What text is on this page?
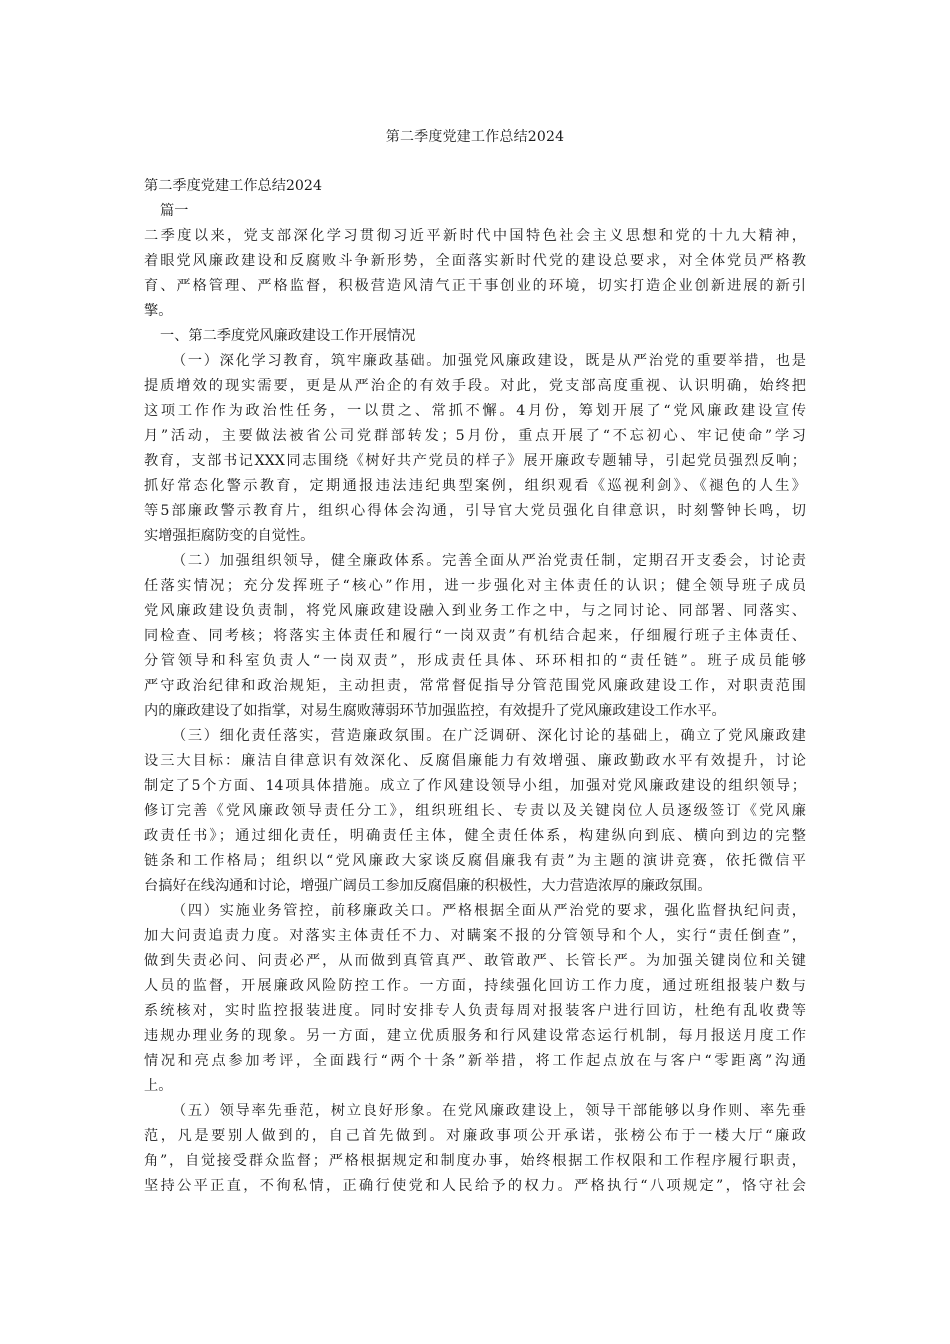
第二季度党建工作总结2024
第二季度党建工作总结2024
篇一
二季度以来，党支部深化学习贯彻习近平新时代中国特色社会主义思想和党的十九大精神，
着眼党风廉政建设和反腐败斗争新形势，全面落实新时代党的建设总要求，对全体党员严格教
育、严格管理、严格监督，积极营造风清气正干事创业的环境，切实打造企业创新进展的新引
擎。
一、第二季度党风廉政建设工作开展情况
（一）深化学习教育，筑牢廉政基础。加强党风廉政建设，既是从严治党的重要举措，也是
提质增效的现实需要，更是从严治企的有效手段。对此，党支部高度重视、认识明确，始终把
这项工作作为政治性任务，一以贯之、常抓不懈。4月份，筹划开展了“党风廉政建设宣传
月”活动，主要做法被省公司党群部转发；5月份，重点开展了“不忘初心、牢记使命”学习
教育，支部书记XXX同志围绕《树好共产党员的样子》展开廉政专题辅导，引起党员强烈反响；
抓好常态化警示教育，定期通报违法违纪典型案例，组织观看《巡视利剑》、《褪色的人生》
等5部廉政警示教育片，组织心得体会沟通，引导官大党员强化自律意识，时刻警钟长鸣，切
实增强拒腐防变的自觉性。
（二）加强组织领导，健全廉政体系。完善全面从严治党责任制，定期召开支委会，讨论责
任落实情况；充分发挥班子“核心”作用，进一步强化对主体责任的认识；健全领导班子成员
党风廉政建设负责制，将党风廉政建设融入到业务工作之中，与之同讨论、同部署、同落实、
同检查、同考核；将落实主体责任和履行“一岗双责”有机结合起来，仔细履行班子主体责任、
分管领导和科室负责人“一岗双责”，形成责任具体、环环相扣的“责任链”。班子成员能够
严守政治纪律和政治规矩，主动担责，常常督促指导分管范围党风廉政建设工作，对职责范围
内的廉政建设了如指掌，对易生腐败薄弱环节加强监控，有效提升了党风廉政建设工作水平。
（三）细化责任落实，营造廉政氛围。在广泛调研、深化讨论的基础上，确立了党风廉政建
设三大目标：廉洁自律意识有效深化、反腐倡廉能力有效增强、廉政勤政水平有效提升，讨论
制定了5个方面、14项具体措施。成立了作风建设领导小组，加强对党风廉政建设的组织领导；
修订完善《党风廉政领导责任分工》，组织班组长、专责以及关键岗位人员逐级签订《党风廉
政责任书》；通过细化责任，明确责任主体，健全责任体系，构建纵向到底、横向到边的完整
链条和工作格局；组织以“党风廉政大家谈反腐倡廉我有责”为主题的演讲竞赛，依托微信平
台搞好在线沟通和讨论，增强广阔员工参加反腐倡廉的积极性，大力营造浓厚的廉政氛围。
（四）实施业务管控，前移廉政关口。严格根据全面从严治党的要求，强化监督执纪问责，
加大问责追责力度。对落实主体责任不力、对瞒案不报的分管领导和个人，实行“责任倒查”，
做到失责必问、问责必严，从而做到真管真严、敢管敢严、长管长严。为加强关键岗位和关键
人员的监督，开展廉政风险防控工作。一方面，持续强化回访工作力度，通过班组报装户数与
系统核对，实时监控报装进度。同时安排专人负责每周对报装客户进行回访，杜绝有乱收费等
违规办理业务的现象。另一方面，建立优质服务和行风建设常态运行机制，每月报送月度工作
情况和亮点参加考评，全面践行“两个十条”新举措，将工作起点放在与客户“零距离”沟通
上。
（五）领导率先垂范，树立良好形象。在党风廉政建设上，领导干部能够以身作则、率先垂
范，凡是要别人做到的，自己首先做到。对廉政事项公开承诺，张榜公布于一楼大厅“廉政
角”，自觉接受群众监督；严格根据规定和制度办事，始终根据工作权限和工作程序履行职责，
坚持公平正直，不徇私情，正确行使党和人民给予的权力。严格执行“八项规定”，恪守社会
